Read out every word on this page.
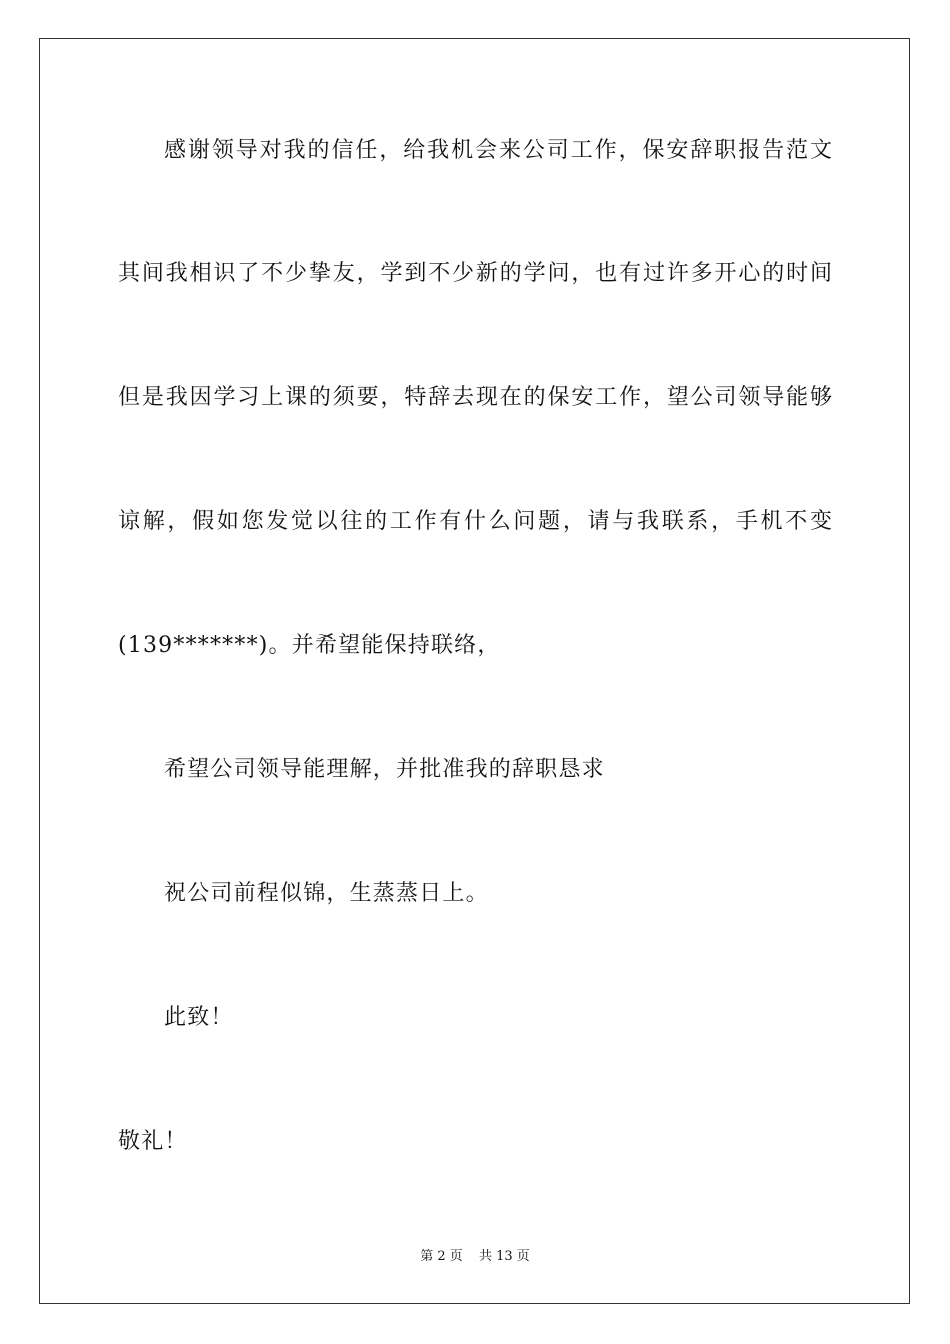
感谢领导对我的信任，给我机会来公司工作，保安辞职报告范文
其间我相识了不少挚友，学到不少新的学问，也有过许多开心的时间
但是我因学习上课的须要，特辞去现在的保安工作，望公司领导能够
谅解，假如您发觉以往的工作有什么问题，请与我联系，手机不变
(139*******)。并希望能保持联络，
希望公司领导能理解，并批准我的辞职恳求
祝公司前程似锦，生蒸蒸日上。
此致！
敬礼！
第 2 页 共 13 页
